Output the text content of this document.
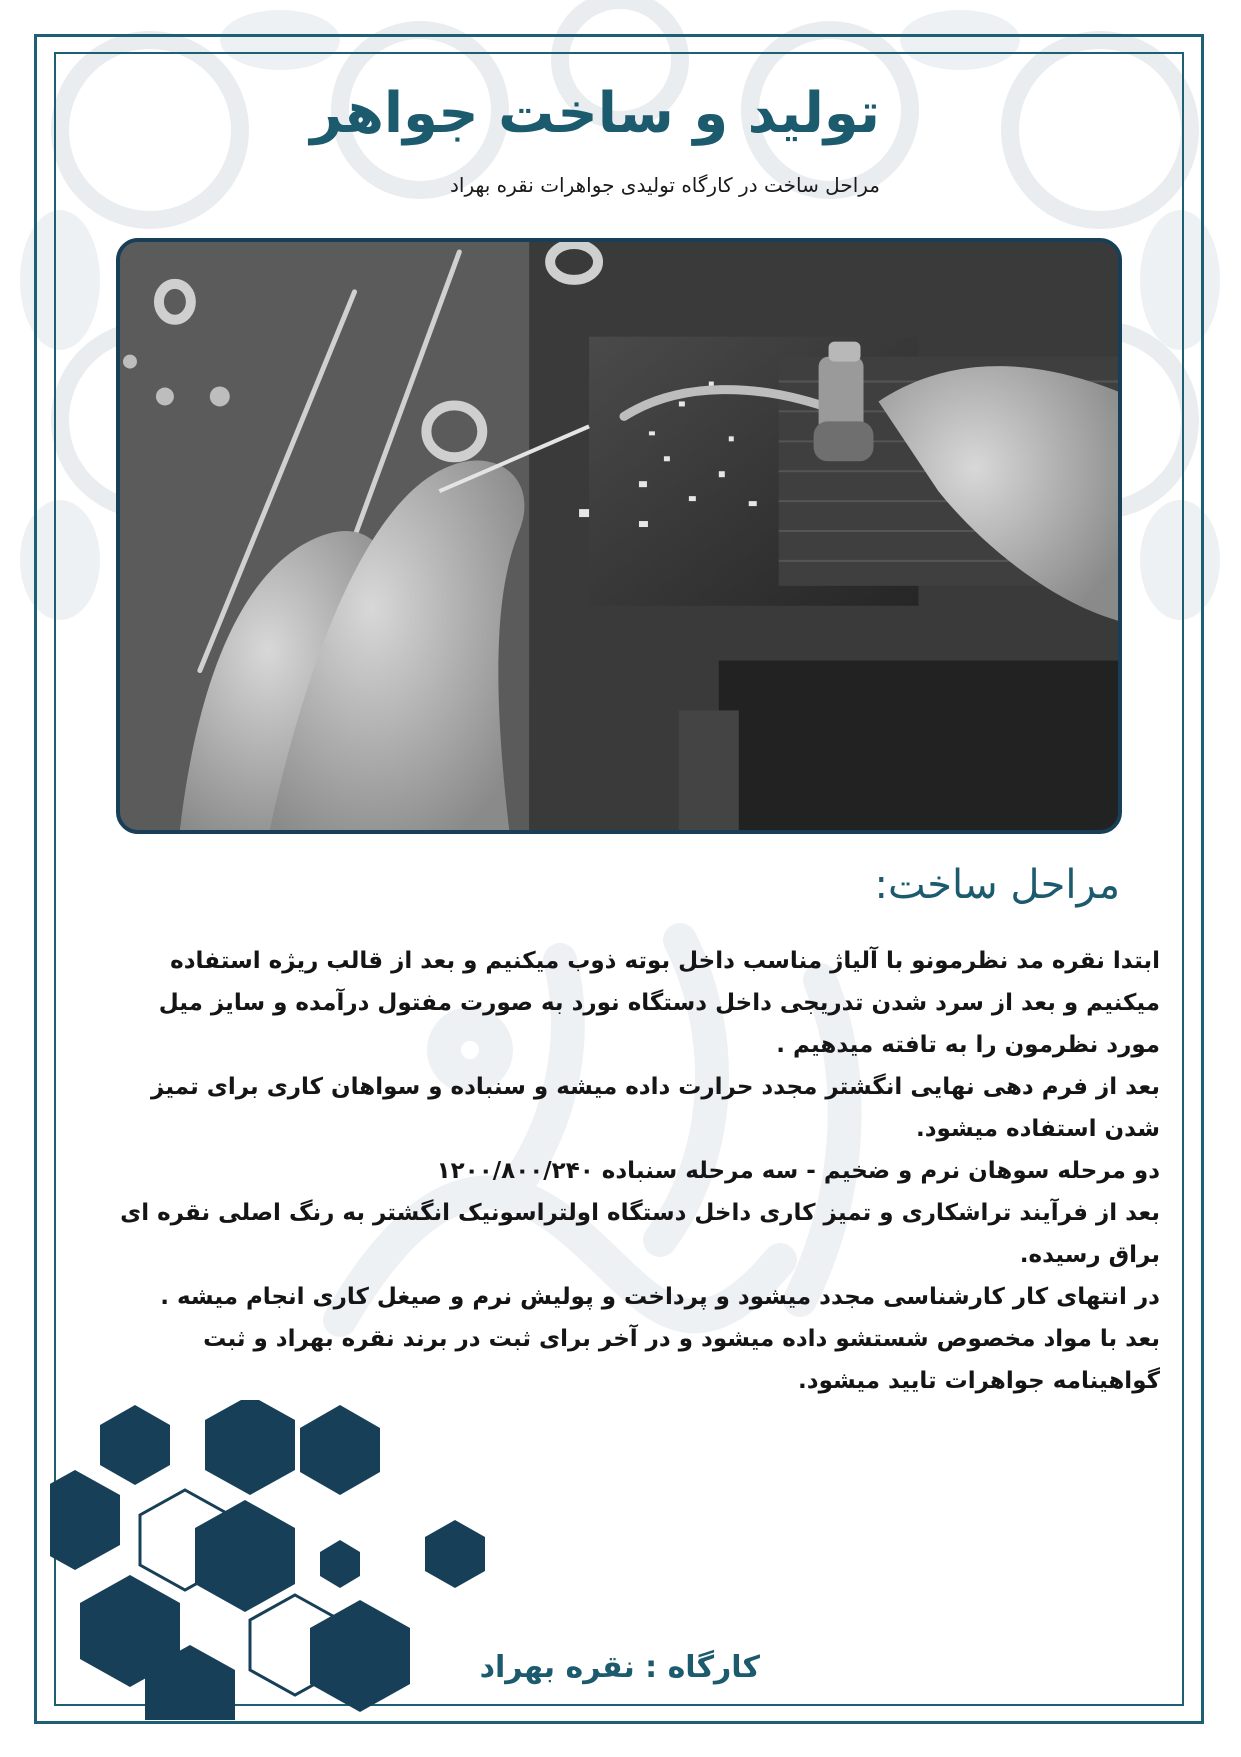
تولید و ساخت جواهر

مراحل ساخت در کارگاه تولیدی جواهرات نقره بهراد

مراحل ساخت:

ابتدا نقره مد نظرمونو با آلیاژ مناسب داخل بوته ذوب میکنیم و بعد از قالب ریژه استفاده میکنیم و بعد از سرد شدن تدریجی داخل دستگاه نورد به صورت مفتول درآمده و سایز میل مورد نظرمون را به تافته میدهیم .

بعد از فرم دهی نهایی انگشتر مجدد حرارت داده میشه و سنباده و سواهان کاری برای تمیز شدن استفاده میشود.

دو مرحله سوهان نرم و ضخیم - سه مرحله سنباده ۱۲۰۰/۸۰۰/۲۴۰

بعد از فرآیند تراشکاری و تمیز کاری داخل دستگاه اولتراسونیک انگشتر به رنگ اصلی نقره ای براق رسیده.

در انتهای کار کارشناسی مجدد میشود و پرداخت و پولیش نرم و صیغل کاری انجام میشه .

بعد با مواد مخصوص شستشو داده میشود و در آخر برای ثبت در برند نقره بهراد و ثبت گواهینامه جواهرات تایید میشود.

کارگاه : نقره بهراد
